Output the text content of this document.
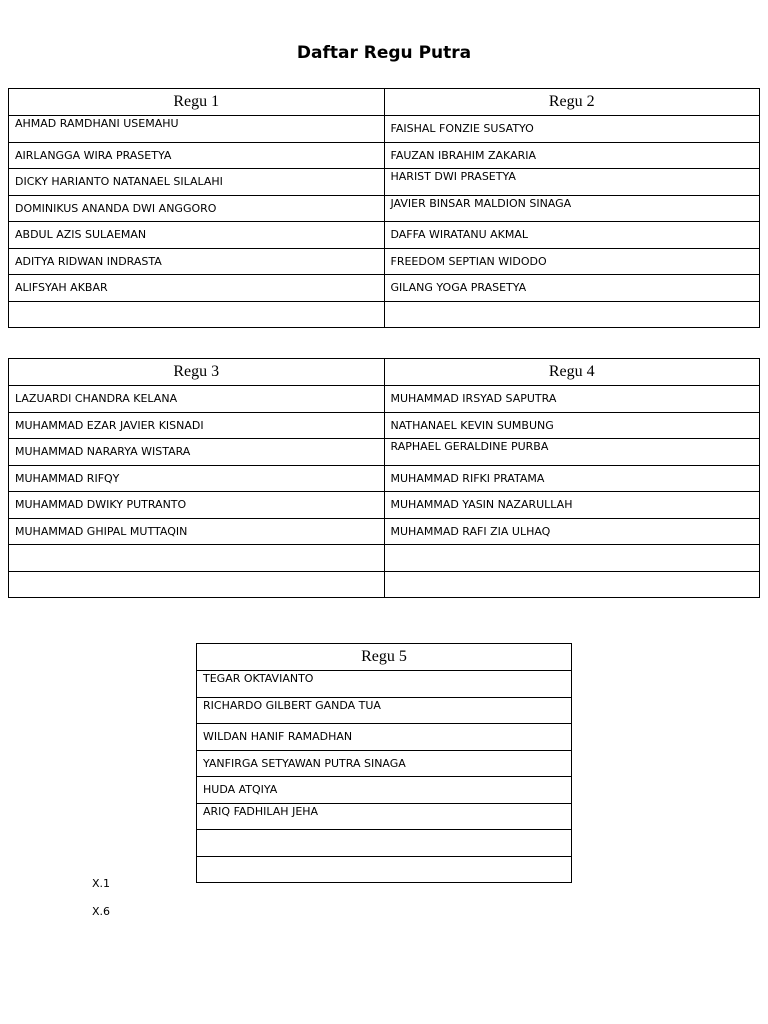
Daftar Regu Putra
Regu 1	Regu 2
AHMAD RAMDHANI USEMAHU	FAISHAL FONZIE SUSATYO
AIRLANGGA WIRA PRASETYA	FAUZAN IBRAHIM ZAKARIA
DICKY HARIANTO NATANAEL SILALAHI	HARIST DWI PRASETYA
DOMINIKUS ANANDA DWI ANGGORO	JAVIER BINSAR MALDION SINAGA
ABDUL AZIS SULAEMAN	DAFFA WIRATANU AKMAL
ADITYA RIDWAN INDRASTA	FREEDOM SEPTIAN WIDODO
ALIFSYAH AKBAR	GILANG YOGA PRASETYA

Regu 3	Regu 4
LAZUARDI CHANDRA KELANA	MUHAMMAD IRSYAD SAPUTRA
MUHAMMAD EZAR JAVIER KISNADI	NATHANAEL KEVIN SUMBUNG
MUHAMMAD NARARYA WISTARA	RAPHAEL GERALDINE PURBA
MUHAMMAD RIFQY	MUHAMMAD RIFKI PRATAMA
MUHAMMAD DWIKY PUTRANTO	MUHAMMAD YASIN NAZARULLAH
MUHAMMAD GHIPAL MUTTAQIN	MUHAMMAD RAFI ZIA ULHAQ

Regu 5
TEGAR OKTAVIANTO
RICHARDO GILBERT GANDA TUA
WILDAN HANIF RAMADHAN
YANFIRGA SETYAWAN PUTRA SINAGA
HUDA ATQIYA
ARIQ FADHILAH JEHA

X.1
X.6
